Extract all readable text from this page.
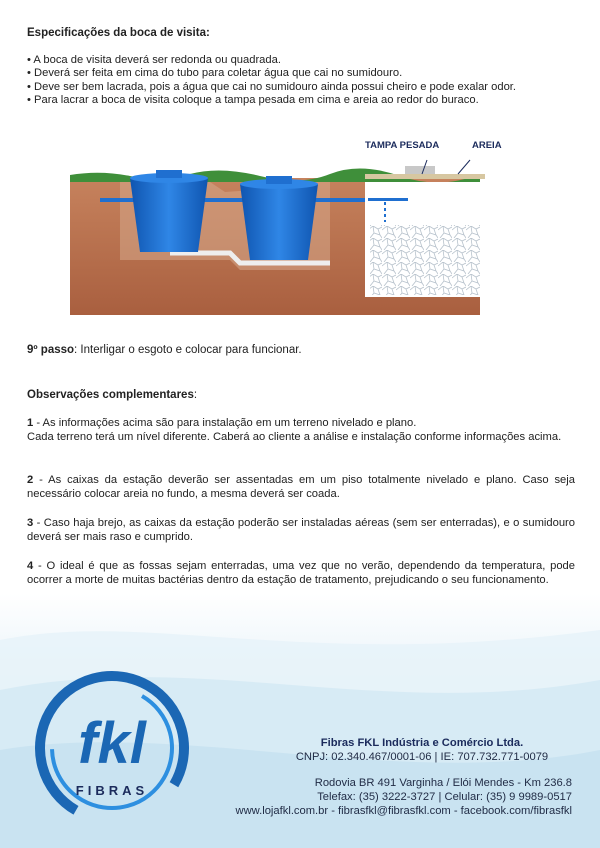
Especificações da boca de visita:
• A boca de visita deverá ser redonda ou quadrada.
• Deverá ser feita em cima do tubo para coletar água que cai no sumidouro.
• Deve ser bem lacrada, pois a água que cai no sumidouro ainda possui cheiro e pode exalar odor.
• Para lacrar a boca de visita coloque a tampa pesada em cima e areia ao redor do buraco.
TAMPA PESADA	AREIA
9º passo: Interligar o esgoto e colocar para funcionar.
Observações complementares:
1 - As informações acima são para instalação em um terreno nivelado e plano.
Cada terreno terá um nível diferente. Caberá ao cliente a análise e instalação conforme informações acima.
2 - As caixas da estação deverão ser assentadas em um piso totalmente nivelado e plano. Caso seja necessário colocar areia no fundo, a mesma deverá ser coada.
3 - Caso haja brejo, as caixas da estação poderão ser instaladas aéreas (sem ser enterradas), e o sumidouro deverá ser mais raso e cumprido.
4 - O ideal é que as fossas sejam enterradas, uma vez que no verão, dependendo da temperatura, pode ocorrer a morte de muitas bactérias dentro da estação de tratamento, prejudicando o seu funcionamento.
fkl
FIBRAS
Fibras FKL Indústria e Comércio Ltda.
CNPJ: 02.340.467/0001-06 | IE: 707.732.771-0079
Rodovia BR 491 Varginha / Elói Mendes - Km 236.8
Telefax: (35) 3222-3727 | Celular: (35) 9 9989-0517
www.lojafkl.com.br - fibrasfkl@fibrasfkl.com - facebook.com/fibrasfkl
